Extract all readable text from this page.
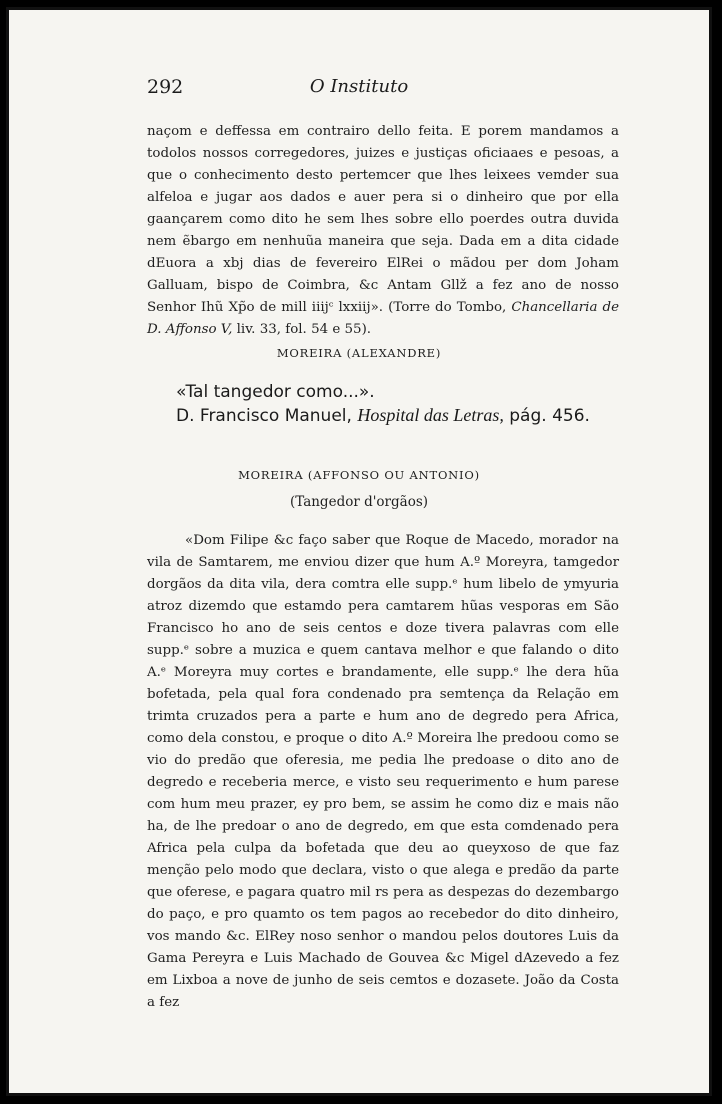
292	O Instituto

naçom e deffessa em contrairo dello feita. E porem mandamos a todolos nossos corregedores, juizes e justiças oficiaaes e pesoas, a que o conhecimento desto pertemcer que lhes leixees vemder sua alfeloa e jugar aos dados e auer pera si o dinheiro que por ella gaançarem como dito he sem lhes sobre ello poerdes outra duvida nem ẽbargo em nenhuũa maneira que seja. Dada em a dita cidade dEuora a xbj dias de fevereiro ElRei o mãdou per dom Joham Galluam, bispo de Coimbra, &c Antam Gllž a fez ano de nosso Senhor Ihũ Xp̃o de mill iiijᶜ lxxiij». (Torre do Tombo, Chancellaria de D. Affonso V, liv. 33, fol. 54 e 55).

MOREIRA (ALEXANDRE)
«Tal tangedor como...».
D. Francisco Manuel, Hospital das Letras, pág. 456.
MOREIRA (AFFONSO OU ANTONIO)
(Tangedor d'orgãos)

«Dom Filipe &c faço saber que Roque de Macedo, morador na vila de Samtarem, me enviou dizer que hum A.º Moreyra, tamgedor dorgãos da dita vila, dera comtra elle supp.ᵉ hum libelo de ymyuria atroz dizemdo que estamdo pera camtarem hũas vesporas em São Francisco ho ano de seis centos e doze tivera palavras com elle supp.ᵉ sobre a muzica e quem cantava melhor e que falando o dito A.ᵉ Moreyra muy cortes e brandamente, elle supp.ᵉ lhe dera hũa bofetada, pela qual fora condenado pra semtença da Relação em trimta cruzados pera a parte e hum ano de degredo pera Africa, como dela constou, e proque o dito A.º Moreira lhe predoou como se vio do predão que oferesia, me pedia lhe predoase o dito ano de degredo e receberia merce, e visto seu requerimento e hum parese com hum meu prazer, ey pro bem, se assim he como diz e mais não ha, de lhe predoar o ano de degredo, em que esta comdenado pera Africa pela culpa da bofetada que deu ao queyxoso de que faz menção pelo modo que declara, visto o que alega e predão da parte que oferese, e pagara quatro mil rs pera as despezas do dezembargo do paço, e pro quamto os tem pagos ao recebedor do dito dinheiro, vos mando &c. ElRey noso senhor o mandou pelos doutores Luis da Gama Pereyra e Luis Machado de Gouvea &c Migel dAzevedo a fez em Lixboa a nove de junho de seis cemtos e dozasete. João da Costa a fez
